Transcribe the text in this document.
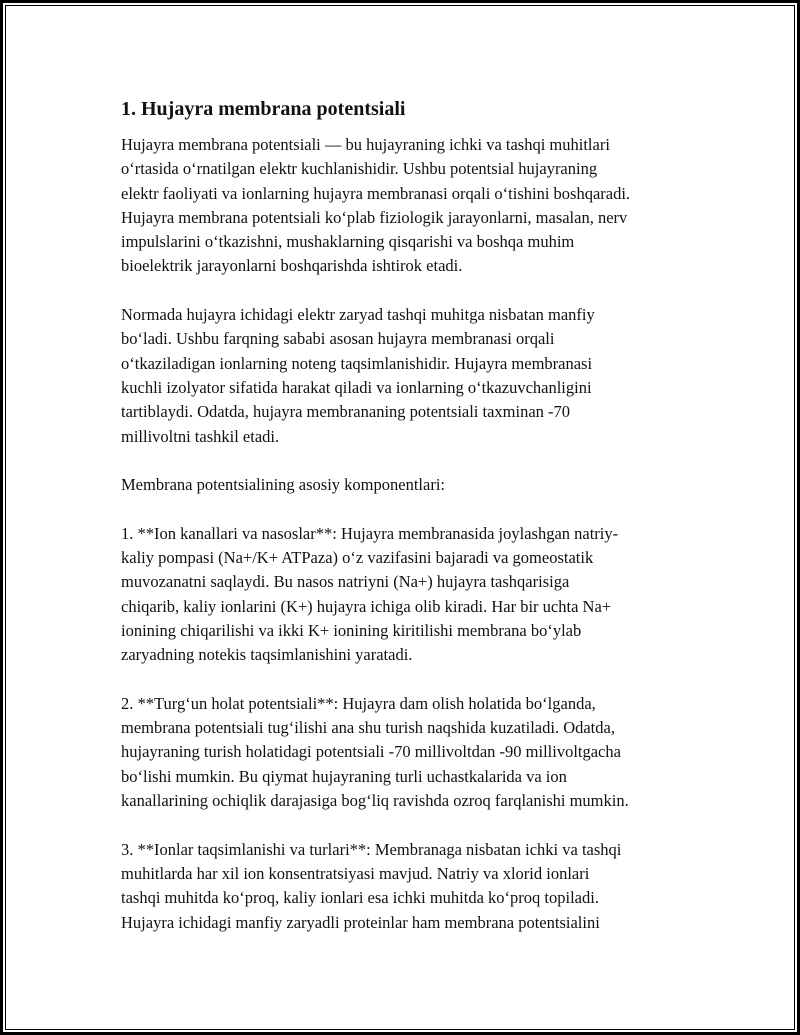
1. Hujayra membrana potentsiali

Hujayra membrana potentsiali — bu hujayraning ichki va tashqi muhitlari
o‘rtasida o‘rnatilgan elektr kuchlanishidir. Ushbu potentsial hujayraning
elektr faoliyati va ionlarning hujayra membranasi orqali o‘tishini boshqaradi.
Hujayra membrana potentsiali ko‘plab fiziologik jarayonlarni, masalan, nerv
impulslarini o‘tkazishni, mushaklarning qisqarishi va boshqa muhim
bioelektrik jarayonlarni boshqarishda ishtirok etadi.

Normada hujayra ichidagi elektr zaryad tashqi muhitga nisbatan manfiy
bo‘ladi. Ushbu farqning sababi asosan hujayra membranasi orqali
o‘tkaziladigan ionlarning noteng taqsimlanishidir. Hujayra membranasi
kuchli izolyator sifatida harakat qiladi va ionlarning o‘tkazuvchanligini
tartiblaydi. Odatda, hujayra membrananing potentsiali taxminan -70
millivoltni tashkil etadi.

Membrana potentsialining asosiy komponentlari:

1. **Ion kanallari va nasoslar**: Hujayra membranasida joylashgan natriy-
kaliy pompasi (Na+/K+ ATPaza) o‘z vazifasini bajaradi va gomeostatik
muvozanatni saqlaydi. Bu nasos natriyni (Na+) hujayra tashqarisiga
chiqarib, kaliy ionlarini (K+) hujayra ichiga olib kiradi. Har bir uchta Na+
ionining chiqarilishi va ikki K+ ionining kiritilishi membrana bo‘ylab
zaryadning notekis taqsimlanishini yaratadi.

2. **Turg‘un holat potentsiali**: Hujayra dam olish holatida bo‘lganda,
membrana potentsiali tug‘ilishi ana shu turish naqshida kuzatiladi. Odatda,
hujayraning turish holatidagi potentsiali -70 millivoltdan -90 millivoltgacha
bo‘lishi mumkin. Bu qiymat hujayraning turli uchastkalarida va ion
kanallarining ochiqlik darajasiga bog‘liq ravishda ozroq farqlanishi mumkin.

3. **Ionlar taqsimlanishi va turlari**: Membranaga nisbatan ichki va tashqi
muhitlarda har xil ion konsentratsiyasi mavjud. Natriy va xlorid ionlari
tashqi muhitda ko‘proq, kaliy ionlari esa ichki muhitda ko‘proq topiladi.
Hujayra ichidagi manfiy zaryadli proteinlar ham membrana potentsialini
